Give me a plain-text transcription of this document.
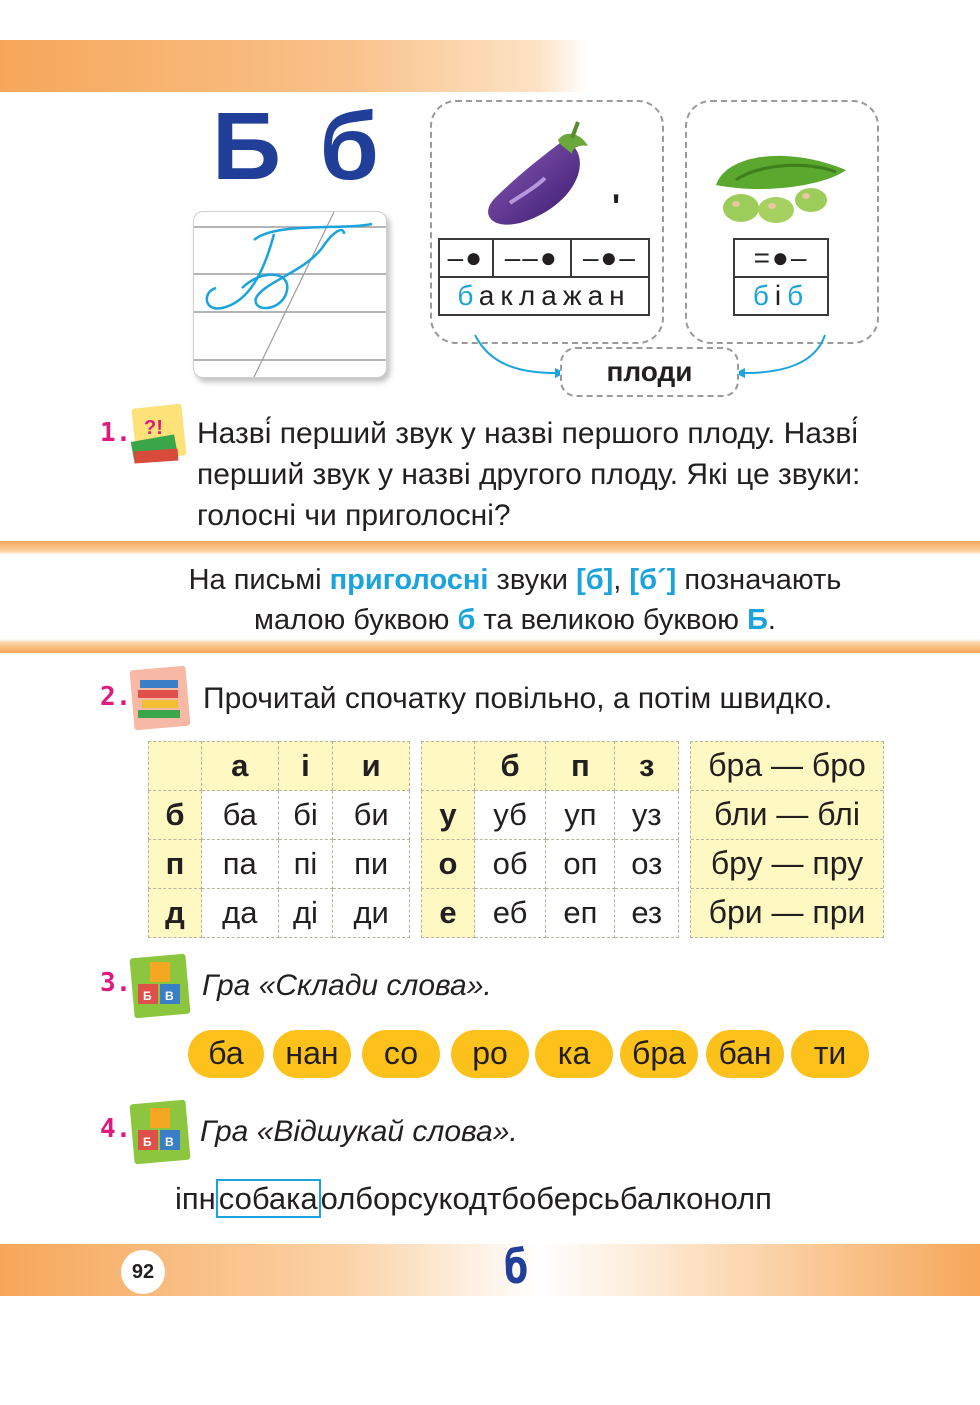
Б б
ʹ
–●	––●	–●–
баклажан
=●–
біб
плоди
1. ?! Назві́ перший звук у назві першого плоду. Назві́
перший звук у назві другого плоду. Які це звуки:
голосні чи приголосні?
На письмі приголосні звуки [б], [б´] позначають
малою буквою б та великою буквою Б.
2. Прочитай спочатку повільно, а потім швидко.
	а	і	и
б	ба	бі	би
п	па	пі	пи
д	да	ді	ди
	б	п	з
у	уб	уп	уз
о	об	оп	оз
е	еб	еп	ез
бра — бро
бли — блі
бру — пру
бри — при
3. Б В Гра «Склади слова».
ба	нан	со	ро	ка	бра	бан	ти
4. Б В Гра «Відшукай слова».
іпнсобакаолборсукодтбоберсьбалконолп
92	б
